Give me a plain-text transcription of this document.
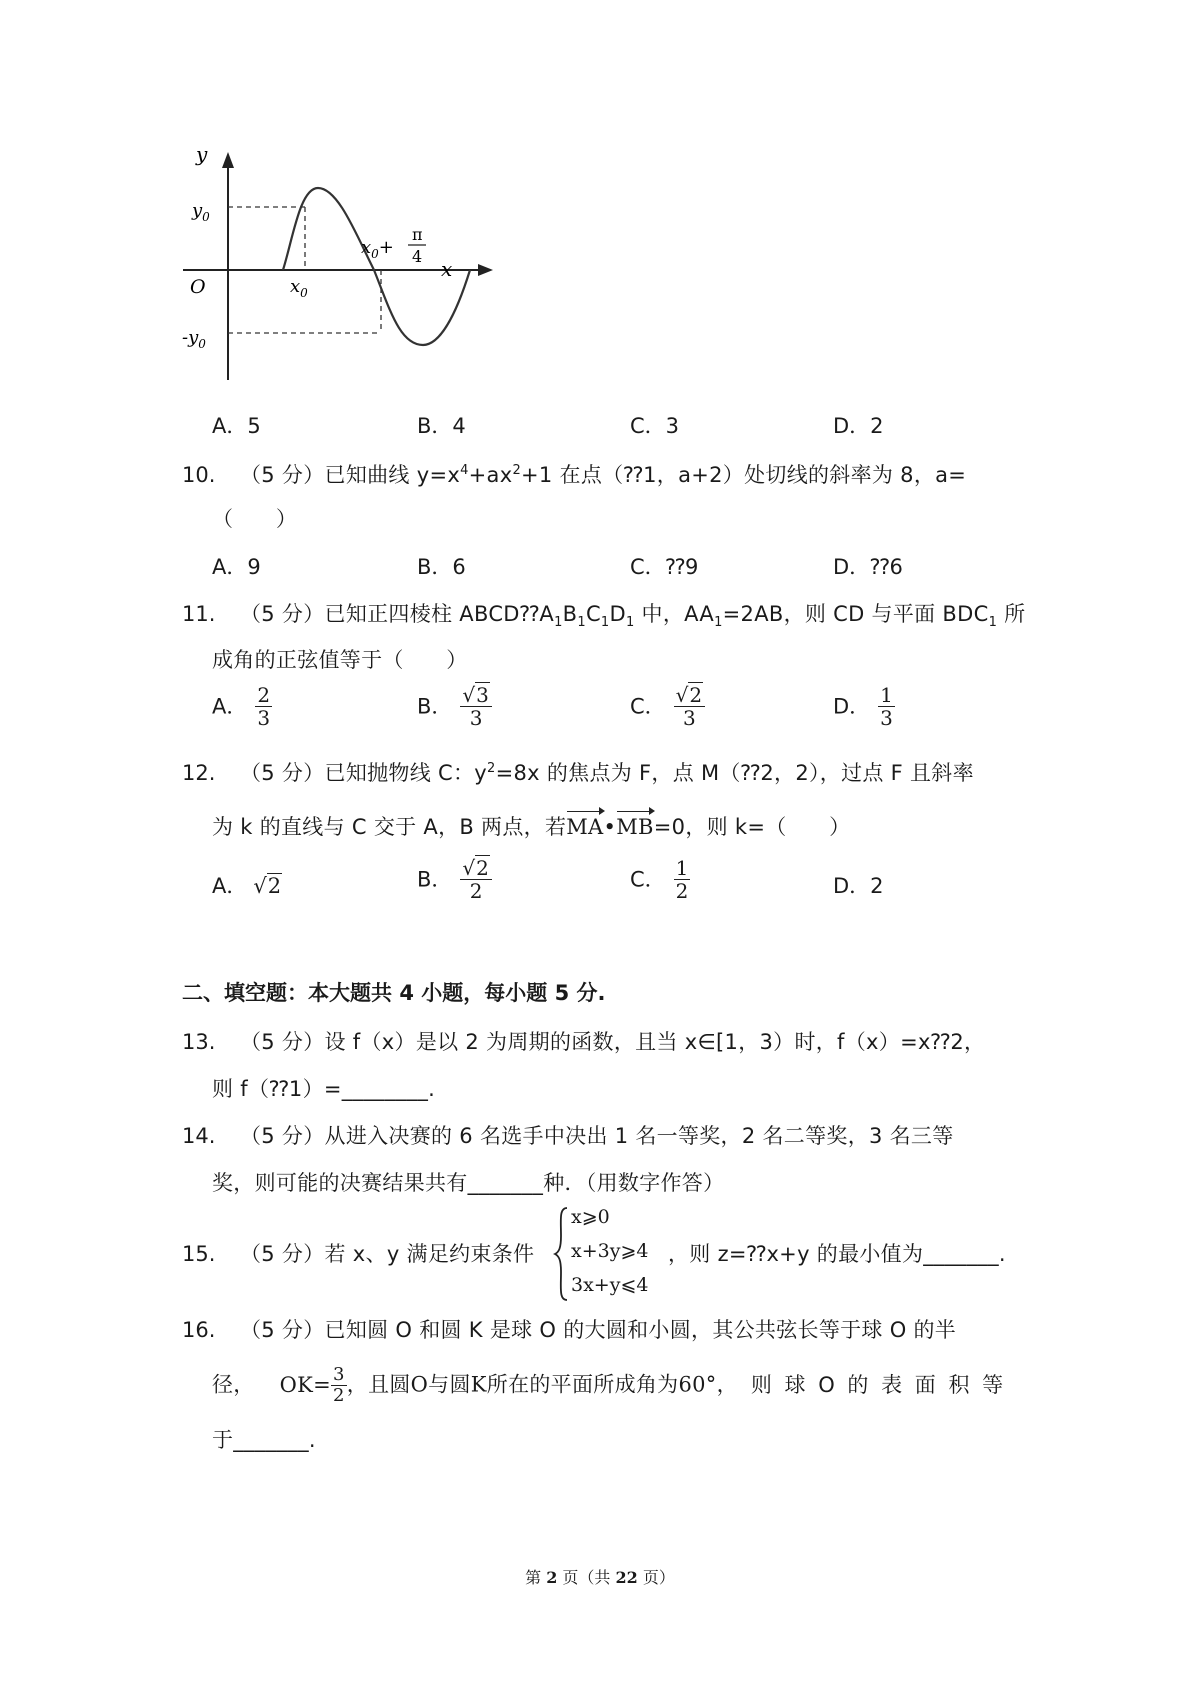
y
x
O
$y_0$
$-y_0$
$x_0$
$x_0+$
π
4
A．5	B．4	C．3	D．2
10. （5 分）已知曲线 $y=x^4+ax^2+1$ 在点（⁇1，a+2）处切线的斜率为 8，a=
（　　）
A．9	B．6	C．⁇9	D．⁇6
11. （5 分）已知正四棱柱 $ABCD⁇A_1B_1C_1D_1$ 中，$AA_1=2AB$，则 CD 与平面 $BDC_1$ 所
成角的正弦值等于（　　）
A． $\frac{2}{3}$	B． $\frac{√3}{3}$	C． $\frac{√2}{3}$	D． $\frac{1}{3}$
12. （5 分）已知抛物线 C：$y^2=8x$ 的焦点为 F，点 M（⁇2，2），过点 F 且斜率
为 k 的直线与 C 交于 A，B 两点，若MA•MB=0，则 k=（　　）
A． √2	B． $\frac{√2}{2}$	C． $\frac{1}{2}$	D．2
二、填空题：本大题共 4 小题，每小题 5 分.
13. （5 分）设 f（x）是以 2 为周期的函数，且当 x∈[1，3）时，f（x）=x⁇2，
则 f（⁇1）=________.
14. （5 分）从进入决赛的 6 名选手中决出 1 名一等奖，2 名二等奖，3 名三等
奖，则可能的决赛结果共有_______种．（用数字作答）
15. （5 分）若 x、y 满足约束条件
x⩾0
x+3y⩾4
3x+y⩽4
，则 z=⁇x+y 的最小值为_______.
16. （5 分）已知圆 O 和圆 K 是球 O 的大圆和小圆，其公共弦长等于球 O 的半
径， $OK= \frac{3}{2}$ ，且圆O与圆K所在的平面所成角为60°， 则 球 O 的 表 面 积 等
于_______.
第 2 页（共 22 页）
